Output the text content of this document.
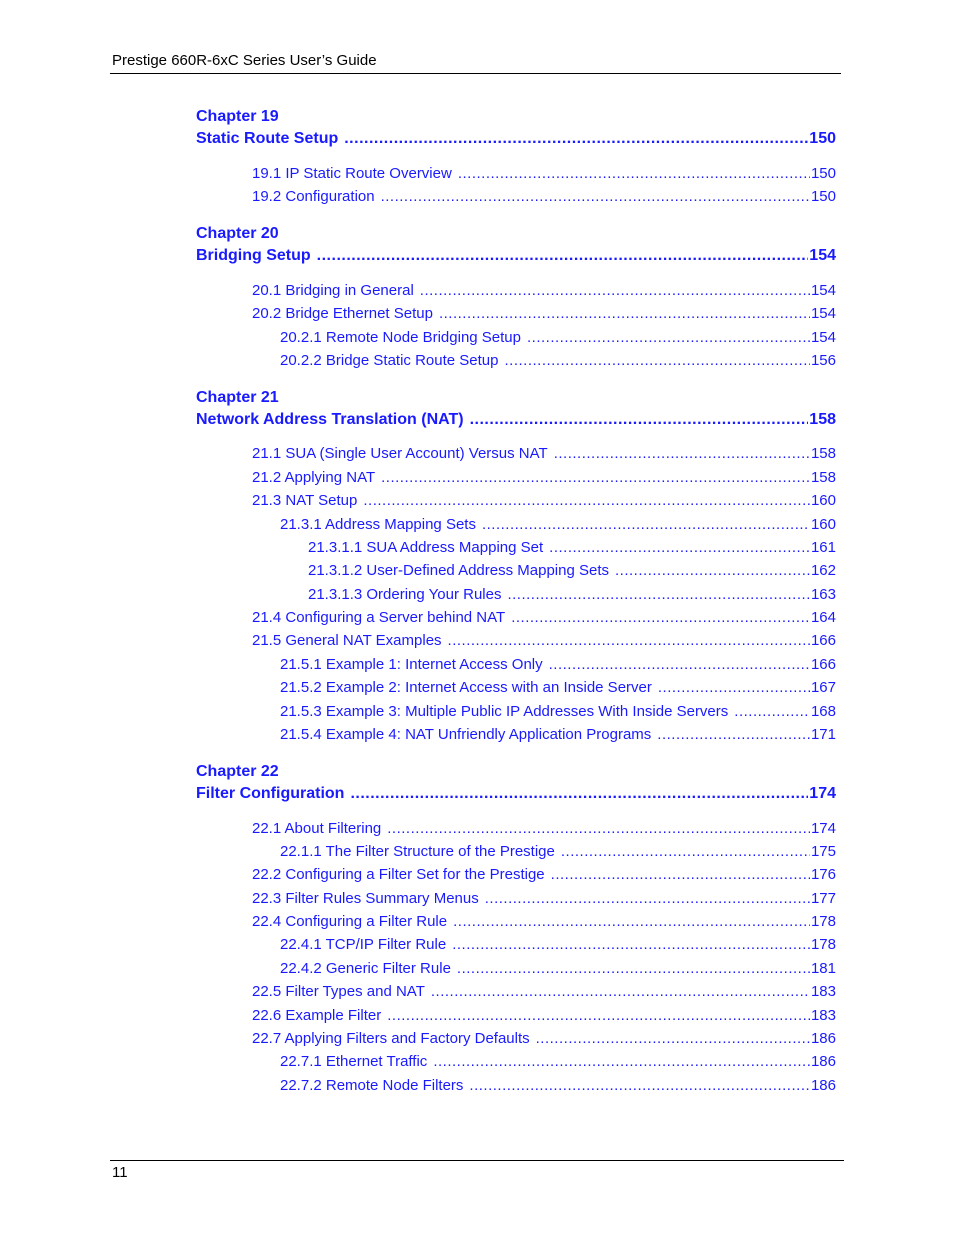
Prestige 660R-6xC Series User’s Guide
Chapter 19
Static Route Setup .....	150
19.1 IP Static Route Overview .....	150
19.2 Configuration .....	150
Chapter 20
Bridging Setup .....	154
20.1 Bridging in General .....	154
20.2 Bridge Ethernet Setup .....	154
20.2.1 Remote Node Bridging Setup .....	154
20.2.2 Bridge Static Route Setup .....	156
Chapter 21
Network Address Translation (NAT) .....	158
21.1 SUA (Single User Account) Versus NAT .....	158
21.2 Applying NAT .....	158
21.3 NAT Setup .....	160
21.3.1 Address Mapping Sets .....	160
21.3.1.1 SUA Address Mapping Set .....	161
21.3.1.2 User-Defined Address Mapping Sets .....	162
21.3.1.3 Ordering Your Rules .....	163
21.4 Configuring a Server behind NAT .....	164
21.5 General NAT Examples .....	166
21.5.1 Example 1: Internet Access Only .....	166
21.5.2 Example 2: Internet Access with an Inside Server .....	167
21.5.3 Example 3: Multiple Public IP Addresses With Inside Servers .....	168
21.5.4 Example 4: NAT Unfriendly Application Programs .....	171
Chapter 22
Filter Configuration .....	174
22.1 About Filtering .....	174
22.1.1 The Filter Structure of the Prestige .....	175
22.2 Configuring a Filter Set for the Prestige .....	176
22.3 Filter Rules Summary Menus .....	177
22.4 Configuring a Filter Rule .....	178
22.4.1 TCP/IP Filter Rule .....	178
22.4.2 Generic Filter Rule .....	181
22.5 Filter Types and NAT .....	183
22.6 Example Filter .....	183
22.7 Applying Filters and Factory Defaults .....	186
22.7.1 Ethernet Traffic .....	186
22.7.2 Remote Node Filters .....	186
11
